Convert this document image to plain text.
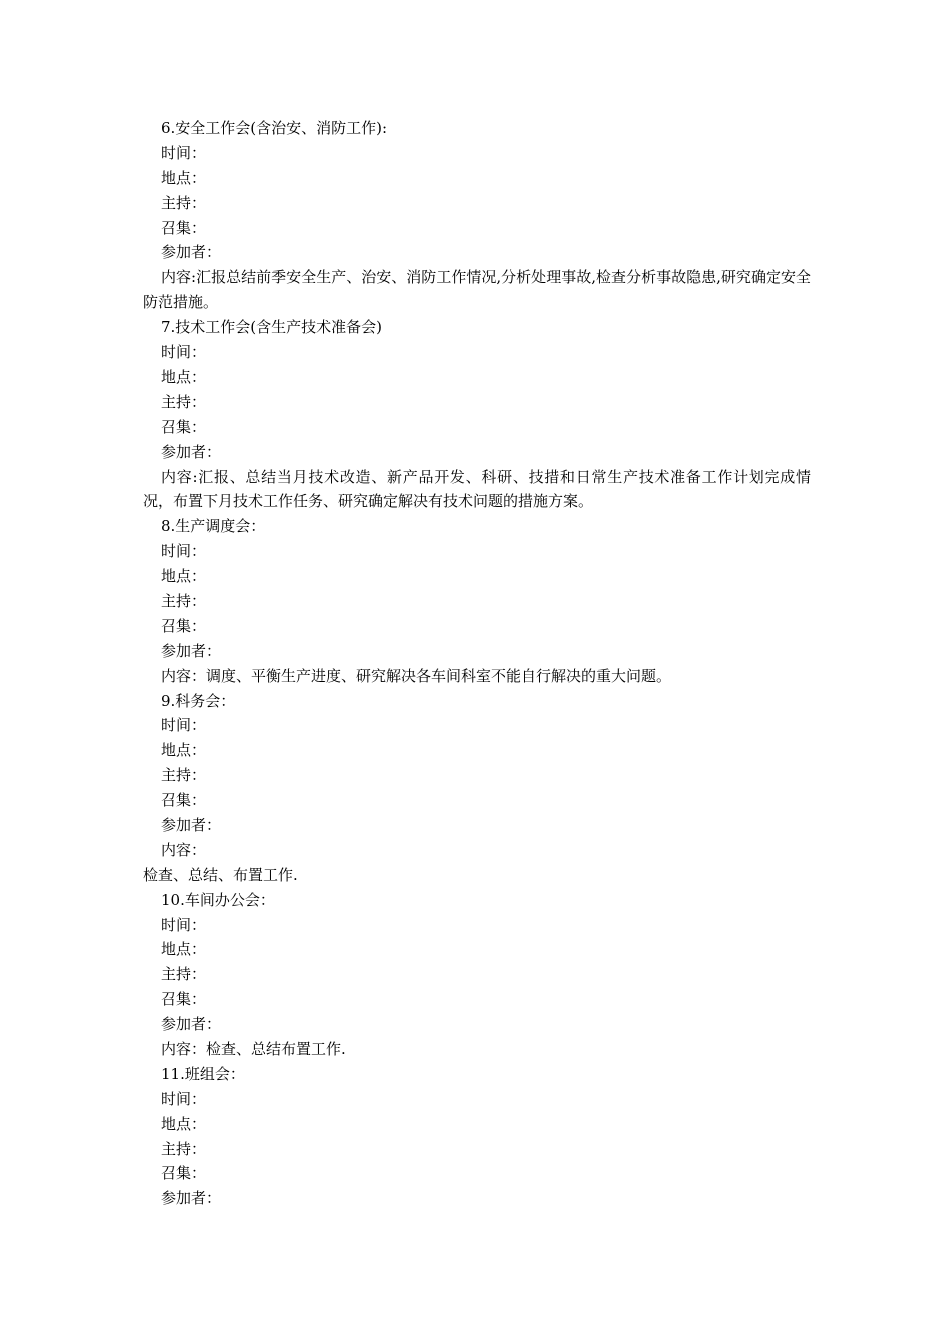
6.安全工作会(含治安、消防工作):
时间：
地点：
主持：
召集：
参加者：
内容:汇报总结前季安全生产、治安、消防工作情况,分析处理事故,检查分析事故隐患,研究确定安全防范措施。
7.技术工作会(含生产技术准备会)
时间：
地点：
主持：
召集：
参加者：
内容:汇报、总结当月技术改造、新产品开发、科研、技措和日常生产技术准备工作计划完成情况，布置下月技术工作任务、研究确定解决有技术问题的措施方案。
8.生产调度会：
时间：
地点：
主持：
召集：
参加者：
内容：调度、平衡生产进度、研究解决各车间科室不能自行解决的重大问题。
9.科务会：
时间：
地点：
主持：
召集：
参加者：
内容：
检查、总结、布置工作.
10.车间办公会：
时间：
地点：
主持：
召集：
参加者：
内容：检查、总结布置工作.
11.班组会：
时间：
地点：
主持：
召集：
参加者：
